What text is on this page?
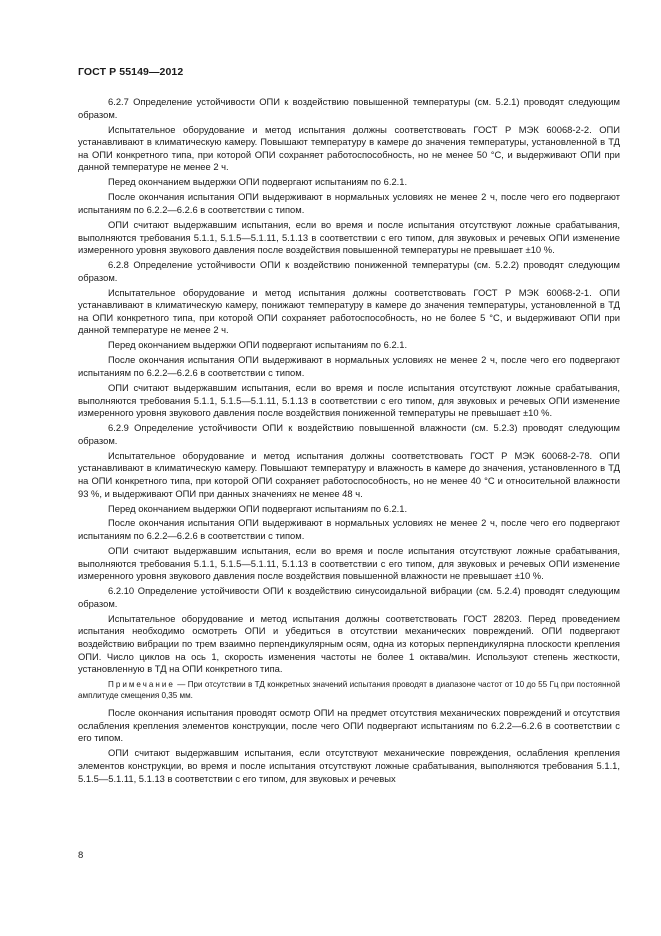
ГОСТ Р 55149—2012

6.2.7 Определение устойчивости ОПИ к воздействию повышенной температуры (см. 5.2.1) проводят следующим образом.

Испытательное оборудование и метод испытания должны соответствовать ГОСТ Р МЭК 60068-2-2. ОПИ устанавливают в климатическую камеру. Повышают температуру в камере до значения температуры, установленной в ТД на ОПИ конкретного типа, при которой ОПИ сохраняет работоспособность, но не менее 50 °С, и выдерживают ОПИ при данной температуре не менее 2 ч.

Перед окончанием выдержки ОПИ подвергают испытаниям по 6.2.1.

После окончания испытания ОПИ выдерживают в нормальных условиях не менее 2 ч, после чего его подвергают испытаниям по 6.2.2—6.2.6 в соответствии с типом.

ОПИ считают выдержавшим испытания, если во время и после испытания отсутствуют ложные срабатывания, выполняются требования 5.1.1, 5.1.5—5.1.11, 5.1.13 в соответствии с его типом, для звуковых и речевых ОПИ изменение измеренного уровня звукового давления после воздействия повышенной температуры не превышает ±10 %.

6.2.8 Определение устойчивости ОПИ к воздействию пониженной температуры (см. 5.2.2) проводят следующим образом.

Испытательное оборудование и метод испытания должны соответствовать ГОСТ Р МЭК 60068-2-1. ОПИ устанавливают в климатическую камеру, понижают температуру в камере до значения температуры, установленной в ТД на ОПИ конкретного типа, при которой ОПИ сохраняет работоспособность, но не более 5 °С, и выдерживают ОПИ при данной температуре не менее 2 ч.

Перед окончанием выдержки ОПИ подвергают испытаниям по 6.2.1.

После окончания испытания ОПИ выдерживают в нормальных условиях не менее 2 ч, после чего его подвергают испытаниям по 6.2.2—6.2.6 в соответствии с типом.

ОПИ считают выдержавшим испытания, если во время и после испытания отсутствуют ложные срабатывания, выполняются требования 5.1.1, 5.1.5—5.1.11, 5.1.13 в соответствии с его типом, для звуковых и речевых ОПИ изменение измеренного уровня звукового давления после воздействия пониженной температуры не превышает ±10 %.

6.2.9 Определение устойчивости ОПИ к воздействию повышенной влажности (см. 5.2.3) проводят следующим образом.

Испытательное оборудование и метод испытания должны соответствовать ГОСТ Р МЭК 60068-2-78. ОПИ устанавливают в климатическую камеру. Повышают температуру и влажность в камере до значения, установленного в ТД на ОПИ конкретного типа, при которой ОПИ сохраняет работоспособность, но не менее 40 °С и относительной влажности 93 %, и выдерживают ОПИ при данных значениях не менее 48 ч.

Перед окончанием выдержки ОПИ подвергают испытаниям по 6.2.1.

После окончания испытания ОПИ выдерживают в нормальных условиях не менее 2 ч, после чего его подвергают испытаниям по 6.2.2—6.2.6 в соответствии с типом.

ОПИ считают выдержавшим испытания, если во время и после испытания отсутствуют ложные срабатывания, выполняются требования 5.1.1, 5.1.5—5.1.11, 5.1.13 в соответствии с его типом, для звуковых и речевых ОПИ изменение измеренного уровня звукового давления после воздействия повышенной влажности не превышает ±10 %.

6.2.10 Определение устойчивости ОПИ к воздействию синусоидальной вибрации (см. 5.2.4) проводят следующим образом.

Испытательное оборудование и метод испытания должны соответствовать ГОСТ 28203. Перед проведением испытания необходимо осмотреть ОПИ и убедиться в отсутствии механических повреждений. ОПИ подвергают воздействию вибрации по трем взаимно перпендикулярным осям, одна из которых перпендикулярна плоскости крепления ОПИ. Число циклов на ось 1, скорость изменения частоты не более 1 октава/мин. Используют степень жесткости, установленную в ТД на ОПИ конкретного типа.

Примечание — При отсутствии в ТД конкретных значений испытания проводят в диапазоне частот от 10 до 55 Гц при постоянной амплитуде смещения 0,35 мм.

После окончания испытания проводят осмотр ОПИ на предмет отсутствия механических повреждений и отсутствия ослабления крепления элементов конструкции, после чего ОПИ подвергают испытаниям по 6.2.2—6.2.6 в соответствии с его типом.

ОПИ считают выдержавшим испытания, если отсутствуют механические повреждения, ослабления крепления элементов конструкции, во время и после испытания отсутствуют ложные срабатывания, выполняются требования 5.1.1, 5.1.5—5.1.11, 5.1.13 в соответствии с его типом, для звуковых и речевых

8
